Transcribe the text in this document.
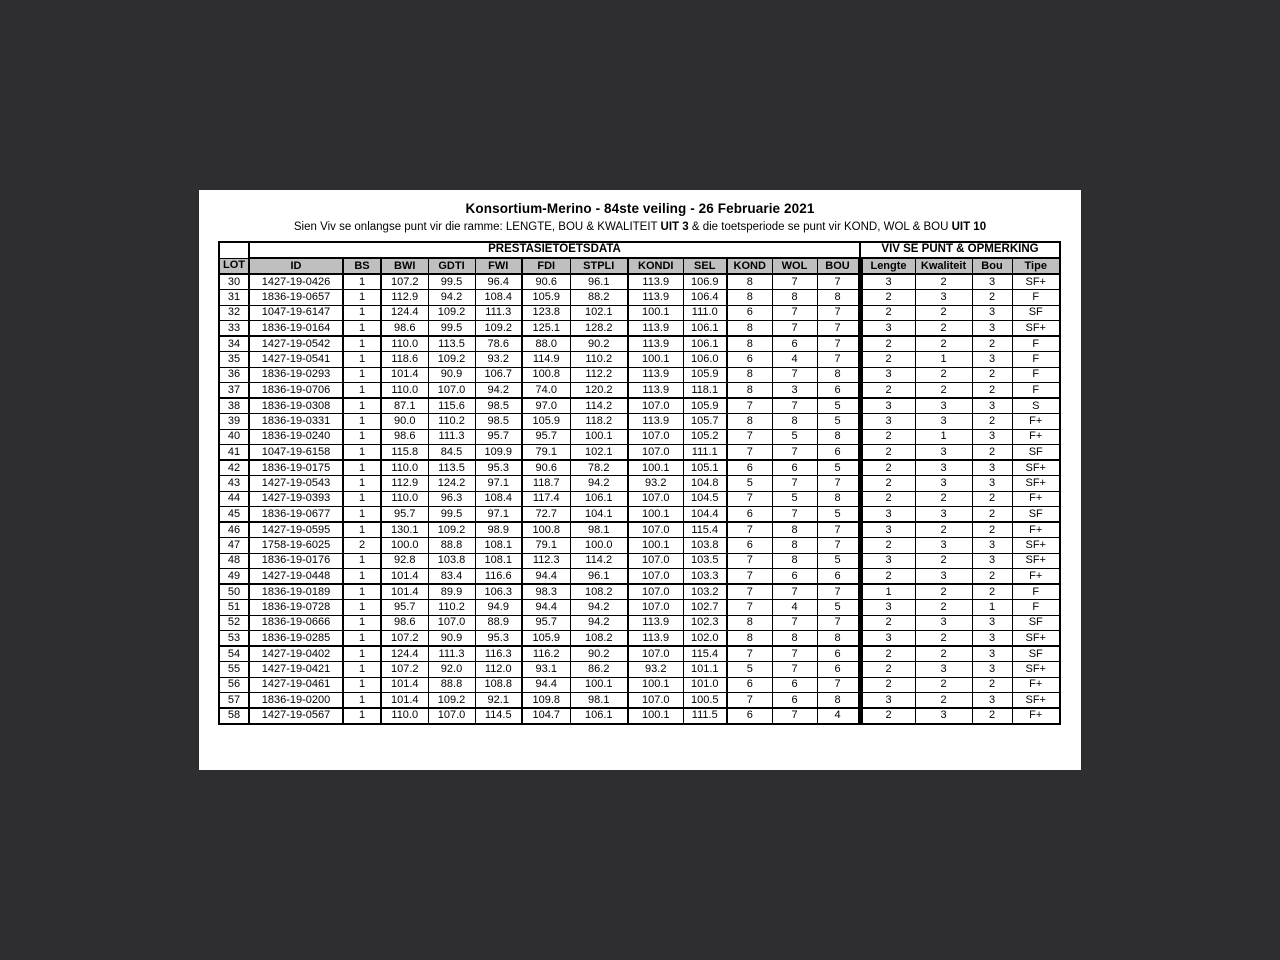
Konsortium-Merino - 84ste veiling - 26 Februarie 2021
Sien Viv se onlangse punt vir die ramme: LENGTE, BOU & KWALITEIT UIT 3 & die toetsperiode se punt vir KOND, WOL & BOU UIT 10
	PRESTASIETOETSDATA												VIV SE PUNT & OPMERKING			
LOT	ID	BS	BWI	GDTI	FWI	FDI	STPLI	KONDI	SEL	KOND	WOL	BOU	Lengte	Kwaliteit	Bou	Tipe
30	1427-19-0426	1	107.2	99.5	96.4	90.6	96.1	113.9	106.9	8	7	7	3	2	3	SF+
31	1836-19-0657	1	112.9	94.2	108.4	105.9	88.2	113.9	106.4	8	8	8	2	3	2	F
32	1047-19-6147	1	124.4	109.2	111.3	123.8	102.1	100.1	111.0	6	7	7	2	2	3	SF
33	1836-19-0164	1	98.6	99.5	109.2	125.1	128.2	113.9	106.1	8	7	7	3	2	3	SF+
34	1427-19-0542	1	110.0	113.5	78.6	88.0	90.2	113.9	106.1	8	6	7	2	2	2	F
35	1427-19-0541	1	118.6	109.2	93.2	114.9	110.2	100.1	106.0	6	4	7	2	1	3	F
36	1836-19-0293	1	101.4	90.9	106.7	100.8	112.2	113.9	105.9	8	7	8	3	2	2	F
37	1836-19-0706	1	110.0	107.0	94.2	74.0	120.2	113.9	118.1	8	3	6	2	2	2	F
38	1836-19-0308	1	87.1	115.6	98.5	97.0	114.2	107.0	105.9	7	7	5	3	3	3	S
39	1836-19-0331	1	90.0	110.2	98.5	105.9	118.2	113.9	105.7	8	8	5	3	3	2	F+
40	1836-19-0240	1	98.6	111.3	95.7	95.7	100.1	107.0	105.2	7	5	8	2	1	3	F+
41	1047-19-6158	1	115.8	84.5	109.9	79.1	102.1	107.0	111.1	7	7	6	2	3	2	SF
42	1836-19-0175	1	110.0	113.5	95.3	90.6	78.2	100.1	105.1	6	6	5	2	3	3	SF+
43	1427-19-0543	1	112.9	124.2	97.1	118.7	94.2	93.2	104.8	5	7	7	2	3	3	SF+
44	1427-19-0393	1	110.0	96.3	108.4	117.4	106.1	107.0	104.5	7	5	8	2	2	2	F+
45	1836-19-0677	1	95.7	99.5	97.1	72.7	104.1	100.1	104.4	6	7	5	3	3	2	SF
46	1427-19-0595	1	130.1	109.2	98.9	100.8	98.1	107.0	115.4	7	8	7	3	2	2	F+
47	1758-19-6025	2	100.0	88.8	108.1	79.1	100.0	100.1	103.8	6	8	7	2	3	3	SF+
48	1836-19-0176	1	92.8	103.8	108.1	112.3	114.2	107.0	103.5	7	8	5	3	2	3	SF+
49	1427-19-0448	1	101.4	83.4	116.6	94.4	96.1	107.0	103.3	7	6	6	2	3	2	F+
50	1836-19-0189	1	101.4	89.9	106.3	98.3	108.2	107.0	103.2	7	7	7	1	2	2	F
51	1836-19-0728	1	95.7	110.2	94.9	94.4	94.2	107.0	102.7	7	4	5	3	2	1	F
52	1836-19-0666	1	98.6	107.0	88.9	95.7	94.2	113.9	102.3	8	7	7	2	3	3	SF
53	1836-19-0285	1	107.2	90.9	95.3	105.9	108.2	113.9	102.0	8	8	8	3	2	3	SF+
54	1427-19-0402	1	124.4	111.3	116.3	116.2	90.2	107.0	115.4	7	7	6	2	2	3	SF
55	1427-19-0421	1	107.2	92.0	112.0	93.1	86.2	93.2	101.1	5	7	6	2	3	3	SF+
56	1427-19-0461	1	101.4	88.8	108.8	94.4	100.1	100.1	101.0	6	6	7	2	2	2	F+
57	1836-19-0200	1	101.4	109.2	92.1	109.8	98.1	107.0	100.5	7	6	8	3	2	3	SF+
58	1427-19-0567	1	110.0	107.0	114.5	104.7	106.1	100.1	111.5	6	7	4	2	3	2	F+
